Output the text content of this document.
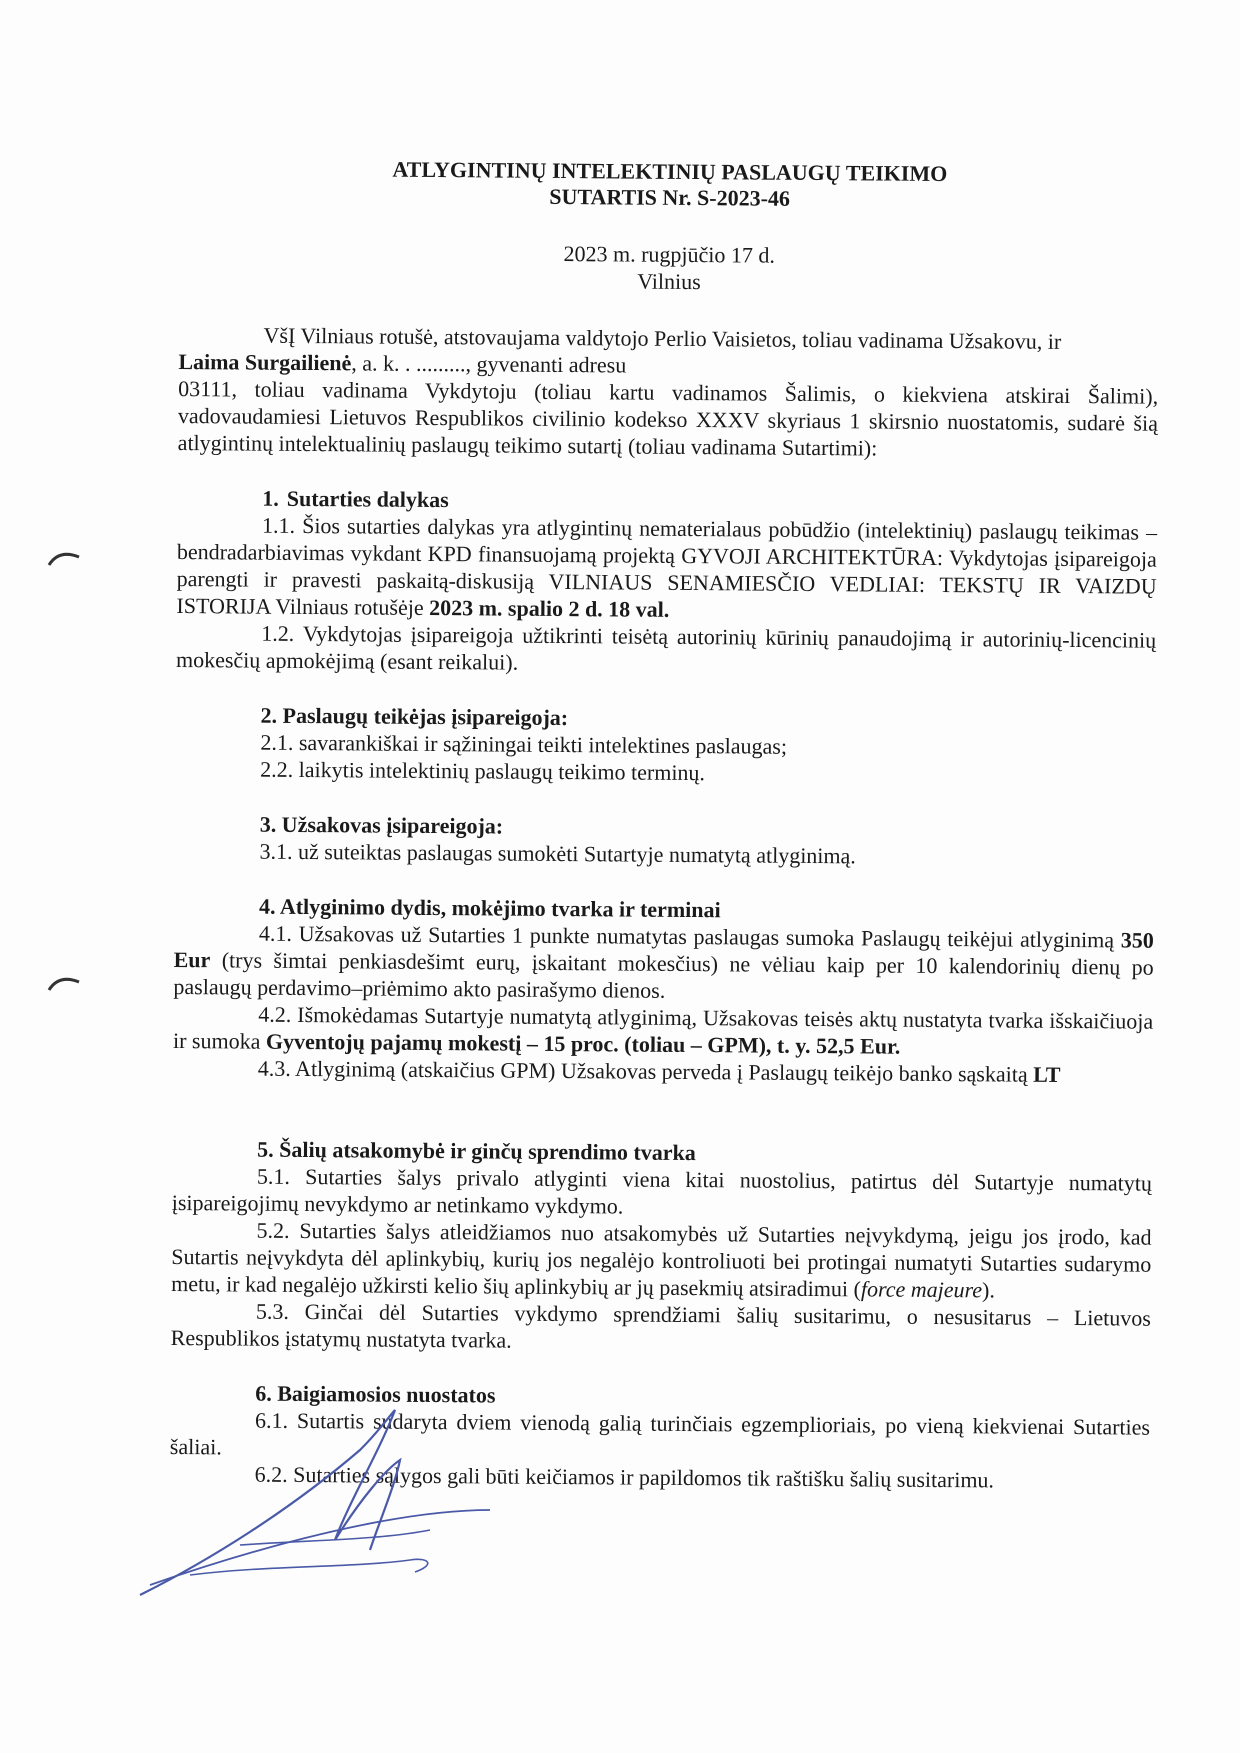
ATLYGINTINŲ INTELEKTINIŲ PASLAUGŲ TEIKIMO
SUTARTIS Nr. S-2023-46
2023 m. rugpjūčio 17 d.
Vilnius
VšĮ Vilniaus rotušė, atstovaujama valdytojo Perlio Vaisietos, toliau vadinama Užsakovu, ir
Laima Surgailienė, a. k. . ........., gyvenanti adresu
03111, toliau vadinama Vykdytoju (toliau kartu vadinamos Šalimis, o kiekviena atskirai Šalimi), vadovaudamiesi Lietuvos Respublikos civilinio kodekso XXXV skyriaus 1 skirsnio nuostatomis, sudarė šią atlygintinų intelektualinių paslaugų teikimo sutartį (toliau vadinama Sutartimi):
1. Sutarties dalykas
1.1. Šios sutarties dalykas yra atlygintinų nematerialaus pobūdžio (intelektinių) paslaugų teikimas – bendradarbiavimas vykdant KPD finansuojamą projektą GYVOJI ARCHITEKTŪRA: Vykdytojas įsipareigoja parengti ir pravesti paskaitą-diskusiją VILNIAUS SENAMIESČIO VEDLIAI: TEKSTŲ IR VAIZDŲ ISTORIJA Vilniaus rotušėje 2023 m. spalio 2 d. 18 val.
1.2. Vykdytojas įsipareigoja užtikrinti teisėtą autorinių kūrinių panaudojimą ir autorinių-licencinių mokesčių apmokėjimą (esant reikalui).
2. Paslaugų teikėjas įsipareigoja:
2.1. savarankiškai ir sąžiningai teikti intelektines paslaugas;
2.2. laikytis intelektinių paslaugų teikimo terminų.
3. Užsakovas įsipareigoja:
3.1. už suteiktas paslaugas sumokėti Sutartyje numatytą atlyginimą.
4. Atlyginimo dydis, mokėjimo tvarka ir terminai
4.1. Užsakovas už Sutarties 1 punkte numatytas paslaugas sumoka Paslaugų teikėjui atlyginimą 350 Eur (trys šimtai penkiasdešimt eurų, įskaitant mokesčius) ne vėliau kaip per 10 kalendorinių dienų po paslaugų perdavimo–priėmimo akto pasirašymo dienos.
4.2. Išmokėdamas Sutartyje numatytą atlyginimą, Užsakovas teisės aktų nustatyta tvarka išskaičiuoja ir sumoka Gyventojų pajamų mokestį – 15 proc. (toliau – GPM), t. y. 52,5 Eur.
4.3. Atlyginimą (atskaičius GPM) Užsakovas perveda į Paslaugų teikėjo banko sąskaitą LT
5. Šalių atsakomybė ir ginčų sprendimo tvarka
5.1. Sutarties šalys privalo atlyginti viena kitai nuostolius, patirtus dėl Sutartyje numatytų įsipareigojimų nevykdymo ar netinkamo vykdymo.
5.2. Sutarties šalys atleidžiamos nuo atsakomybės už Sutarties neįvykdymą, jeigu jos įrodo, kad Sutartis neįvykdyta dėl aplinkybių, kurių jos negalėjo kontroliuoti bei protingai numatyti Sutarties sudarymo metu, ir kad negalėjo užkirsti kelio šių aplinkybių ar jų pasekmių atsiradimui (force majeure).
5.3. Ginčai dėl Sutarties vykdymo sprendžiami šalių susitarimu, o nesusitarus – Lietuvos Respublikos įstatymų nustatyta tvarka.
6. Baigiamosios nuostatos
6.1. Sutartis sudaryta dviem vienodą galią turinčiais egzemplioriais, po vieną kiekvienai Sutarties šaliai.
6.2. Sutarties sąlygos gali būti keičiamos ir papildomos tik raštišku šalių susitarimu.
